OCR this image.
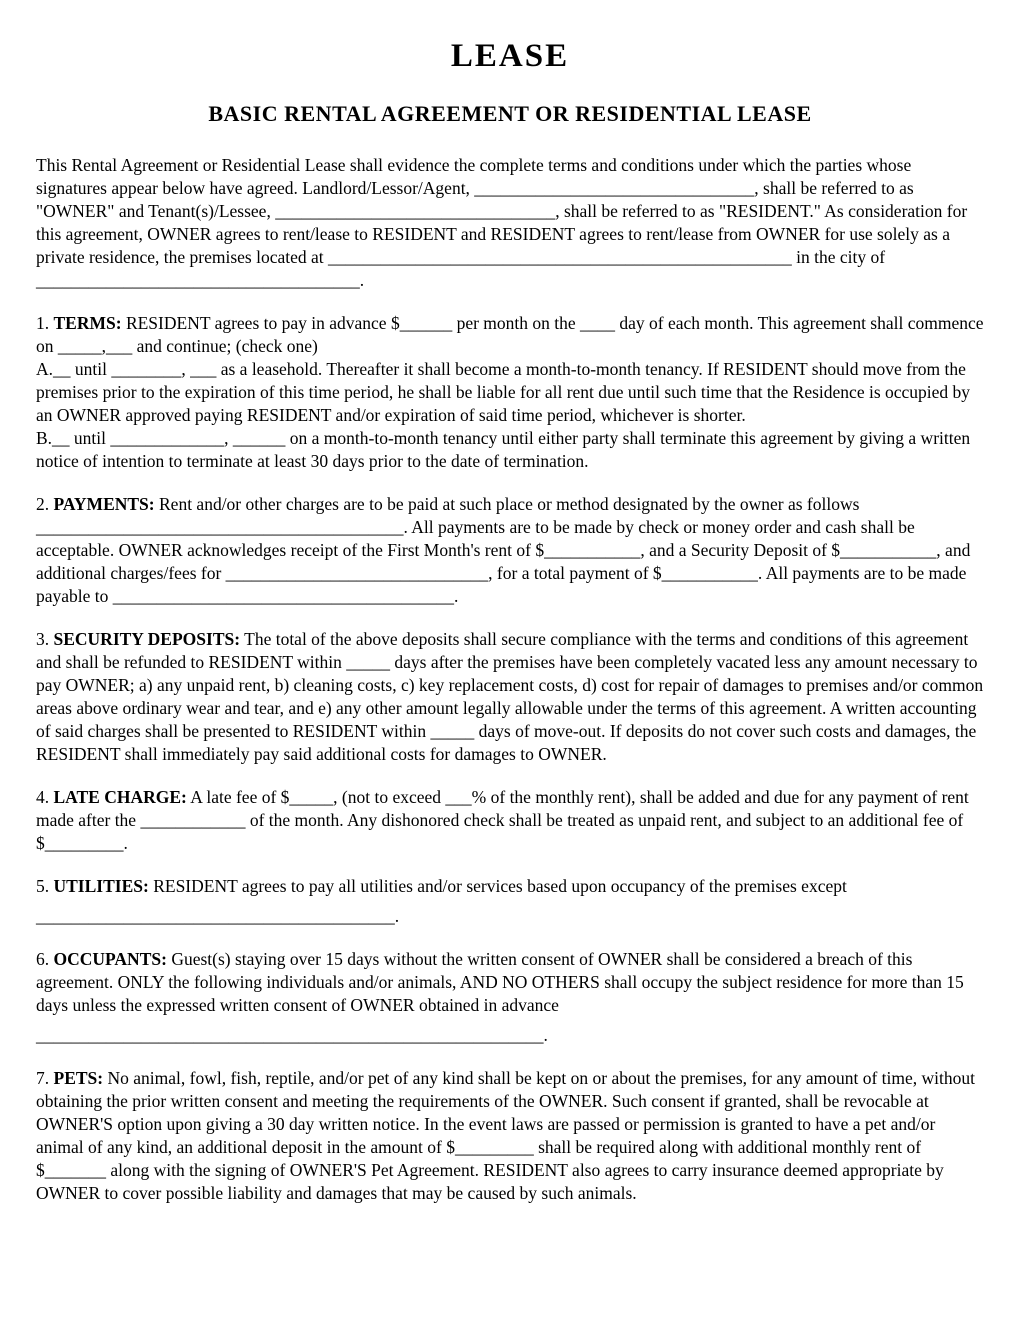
LEASE
BASIC RENTAL AGREEMENT OR RESIDENTIAL LEASE

This Rental Agreement or Residential Lease shall evidence the complete terms and conditions under which the parties whose signatures appear below have agreed. Landlord/Lessor/Agent, ________________________________, shall be referred to as "OWNER" and Tenant(s)/Lessee, ________________________________, shall be referred to as "RESIDENT." As consideration for this agreement, OWNER agrees to rent/lease to RESIDENT and RESIDENT agrees to rent/lease from OWNER for use solely as a private residence, the premises located at _____________________________________________________ in the city of _____________________________________.

1. TERMS: RESIDENT agrees to pay in advance $______ per month on the ____ day of each month. This agreement shall commence on _____,___ and continue; (check one)

A.__ until ________, ___ as a leasehold. Thereafter it shall become a month-to-month tenancy. If RESIDENT should move from the premises prior to the expiration of this time period, he shall be liable for all rent due until such time that the Residence is occupied by an OWNER approved paying RESIDENT and/or expiration of said time period, whichever is shorter.

B.__ until _____________, ______ on a month-to-month tenancy until either party shall terminate this agreement by giving a written notice of intention to terminate at least 30 days prior to the date of termination.

2. PAYMENTS: Rent and/or other charges are to be paid at such place or method designated by the owner as follows __________________________________________. All payments are to be made by check or money order and cash shall be acceptable. OWNER acknowledges receipt of the First Month's rent of $___________, and a Security Deposit of $___________, and additional charges/fees for ______________________________, for a total payment of $___________. All payments are to be made payable to _______________________________________.

3. SECURITY DEPOSITS: The total of the above deposits shall secure compliance with the terms and conditions of this agreement and shall be refunded to RESIDENT within _____ days after the premises have been completely vacated less any amount necessary to pay OWNER; a) any unpaid rent, b) cleaning costs, c) key replacement costs, d) cost for repair of damages to premises and/or common areas above ordinary wear and tear, and e) any other amount legally allowable under the terms of this agreement. A written accounting of said charges shall be presented to RESIDENT within _____ days of move-out. If deposits do not cover such costs and damages, the RESIDENT shall immediately pay said additional costs for damages to OWNER.

4. LATE CHARGE: A late fee of $_____, (not to exceed ___% of the monthly rent), shall be added and due for any payment of rent made after the ____________ of the month. Any dishonored check shall be treated as unpaid rent, and subject to an additional fee of $_________.

5. UTILITIES: RESIDENT agrees to pay all utilities and/or services based upon occupancy of the premises except

_________________________________________.

6. OCCUPANTS: Guest(s) staying over 15 days without the written consent of OWNER shall be considered a breach of this agreement. ONLY the following individuals and/or animals, AND NO OTHERS shall occupy the subject residence for more than 15 days unless the expressed written consent of OWNER obtained in advance

__________________________________________________________.

7. PETS: No animal, fowl, fish, reptile, and/or pet of any kind shall be kept on or about the premises, for any amount of time, without obtaining the prior written consent and meeting the requirements of the OWNER. Such consent if granted, shall be revocable at OWNER'S option upon giving a 30 day written notice. In the event laws are passed or permission is granted to have a pet and/or animal of any kind, an additional deposit in the amount of $_________ shall be required along with additional monthly rent of $_______ along with the signing of OWNER'S Pet Agreement. RESIDENT also agrees to carry insurance deemed appropriate by OWNER to cover possible liability and damages that may be caused by such animals.
